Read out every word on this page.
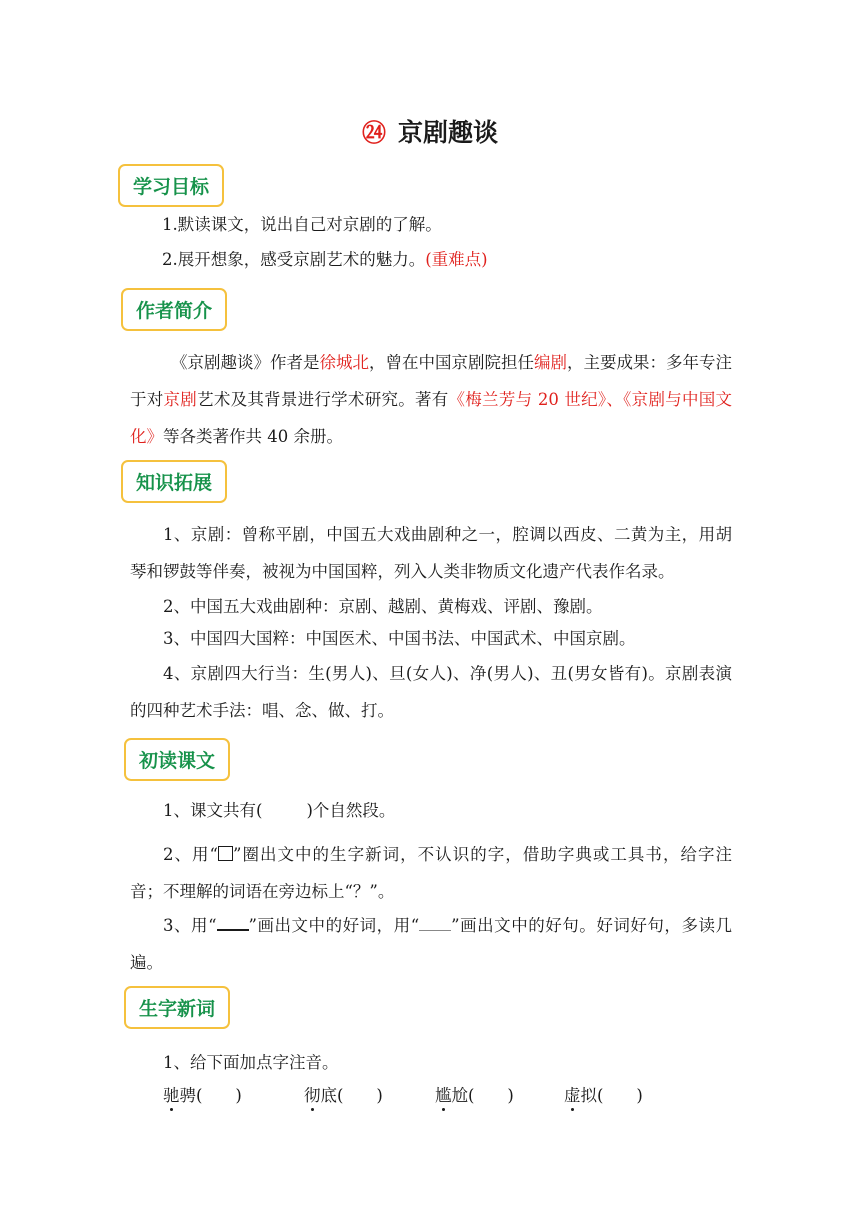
㉔ 京剧趣谈
学习目标
1.默读课文，说出自己对京剧的了解。
2.展开想象，感受京剧艺术的魅力。(重难点)
作者简介
《京剧趣谈》作者是徐城北，曾在中国京剧院担任编剧，主要成果：多年专注于对京剧艺术及其背景进行学术研究。著有《梅兰芳与 20 世纪》、《京剧与中国文化》等各类著作共 40 余册。
知识拓展
1、京剧：曾称平剧，中国五大戏曲剧种之一，腔调以西皮、二黄为主，用胡琴和锣鼓等伴奏，被视为中国国粹，列入人类非物质文化遗产代表作名录。
2、中国五大戏曲剧种：京剧、越剧、黄梅戏、评剧、豫剧。
3、中国四大国粹：中国医术、中国书法、中国武术、中国京剧。
4、京剧四大行当：生(男人)、旦(女人)、净(男人)、丑(男女皆有)。京剧表演的四种艺术手法：唱、念、做、打。
初读课文
1、课文共有(	)个自然段。
2、用“○”圈出文中的生字新词，不认识的字，借助字典或工具书，给字注音；不理解的词语在旁边标上“？”。
3、用“ ”画出文中的好词，用“ ”画出文中的好句。好词好句，多读几遍。
生字新词
1、给下面加点字注音。
驰骋(　　)	彻底(　　)	尴尬(　　)	虚拟(　　)
